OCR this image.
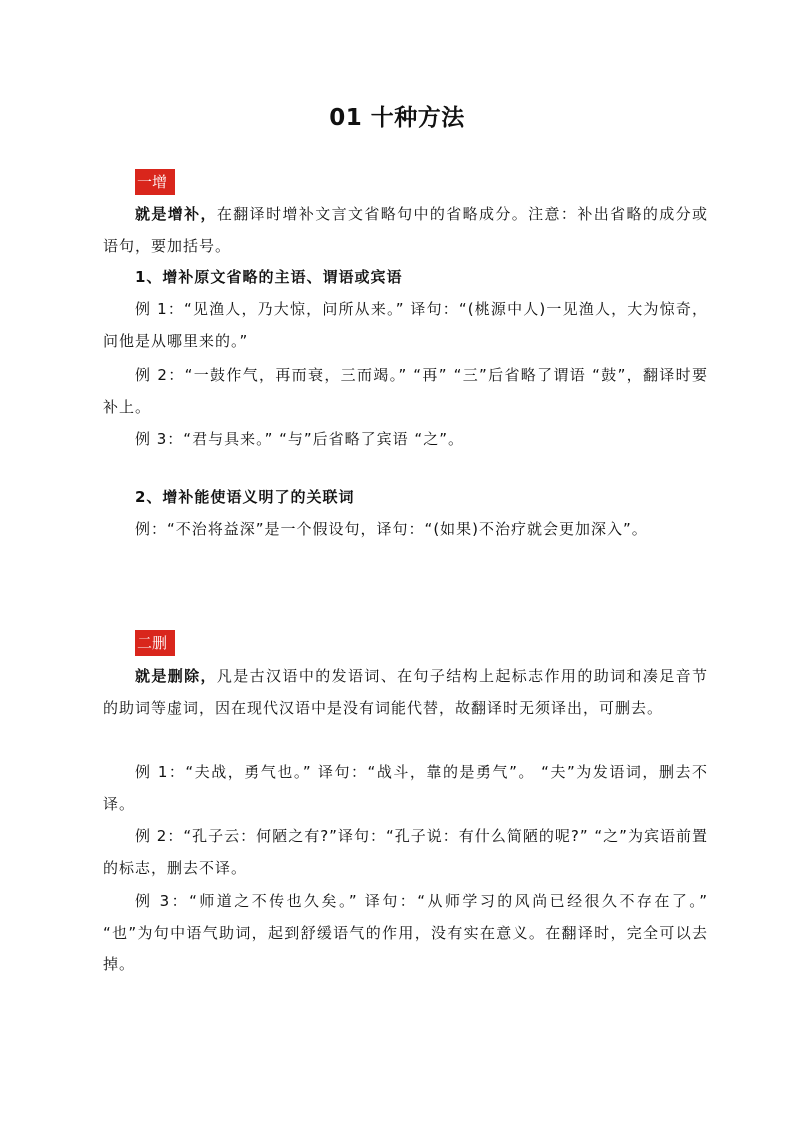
01 十种方法
一增
就是增补，在翻译时增补文言文省略句中的省略成分。注意：补出省略的成分或语句，要加括号。
1、增补原文省略的主语、谓语或宾语
例 1：“见渔人，乃大惊，问所从来。” 译句：“(桃源中人)一见渔人，大为惊奇，问他是从哪里来的。”
例 2：“一鼓作气，再而衰，三而竭。” “再” “三”后省略了谓语 “鼓”，翻译时要补上。
例 3：“君与具来。” “与”后省略了宾语 “之”。
2、增补能使语义明了的关联词
例：“不治将益深”是一个假设句，译句：“(如果)不治疗就会更加深入”。
二删
就是删除，凡是古汉语中的发语词、在句子结构上起标志作用的助词和凑足音节的助词等虚词，因在现代汉语中是没有词能代替，故翻译时无须译出，可删去。
例 1：“夫战，勇气也。” 译句：“战斗，靠的是勇气”。 “夫”为发语词，删去不译。
例 2：“孔子云：何陋之有?”译句：“孔子说：有什么简陋的呢?” “之”为宾语前置的标志，删去不译。
例 3：“师道之不传也久矣。” 译句：“从师学习的风尚已经很久不存在了。” “也”为句中语气助词，起到舒缓语气的作用，没有实在意义。在翻译时，完全可以去掉。
